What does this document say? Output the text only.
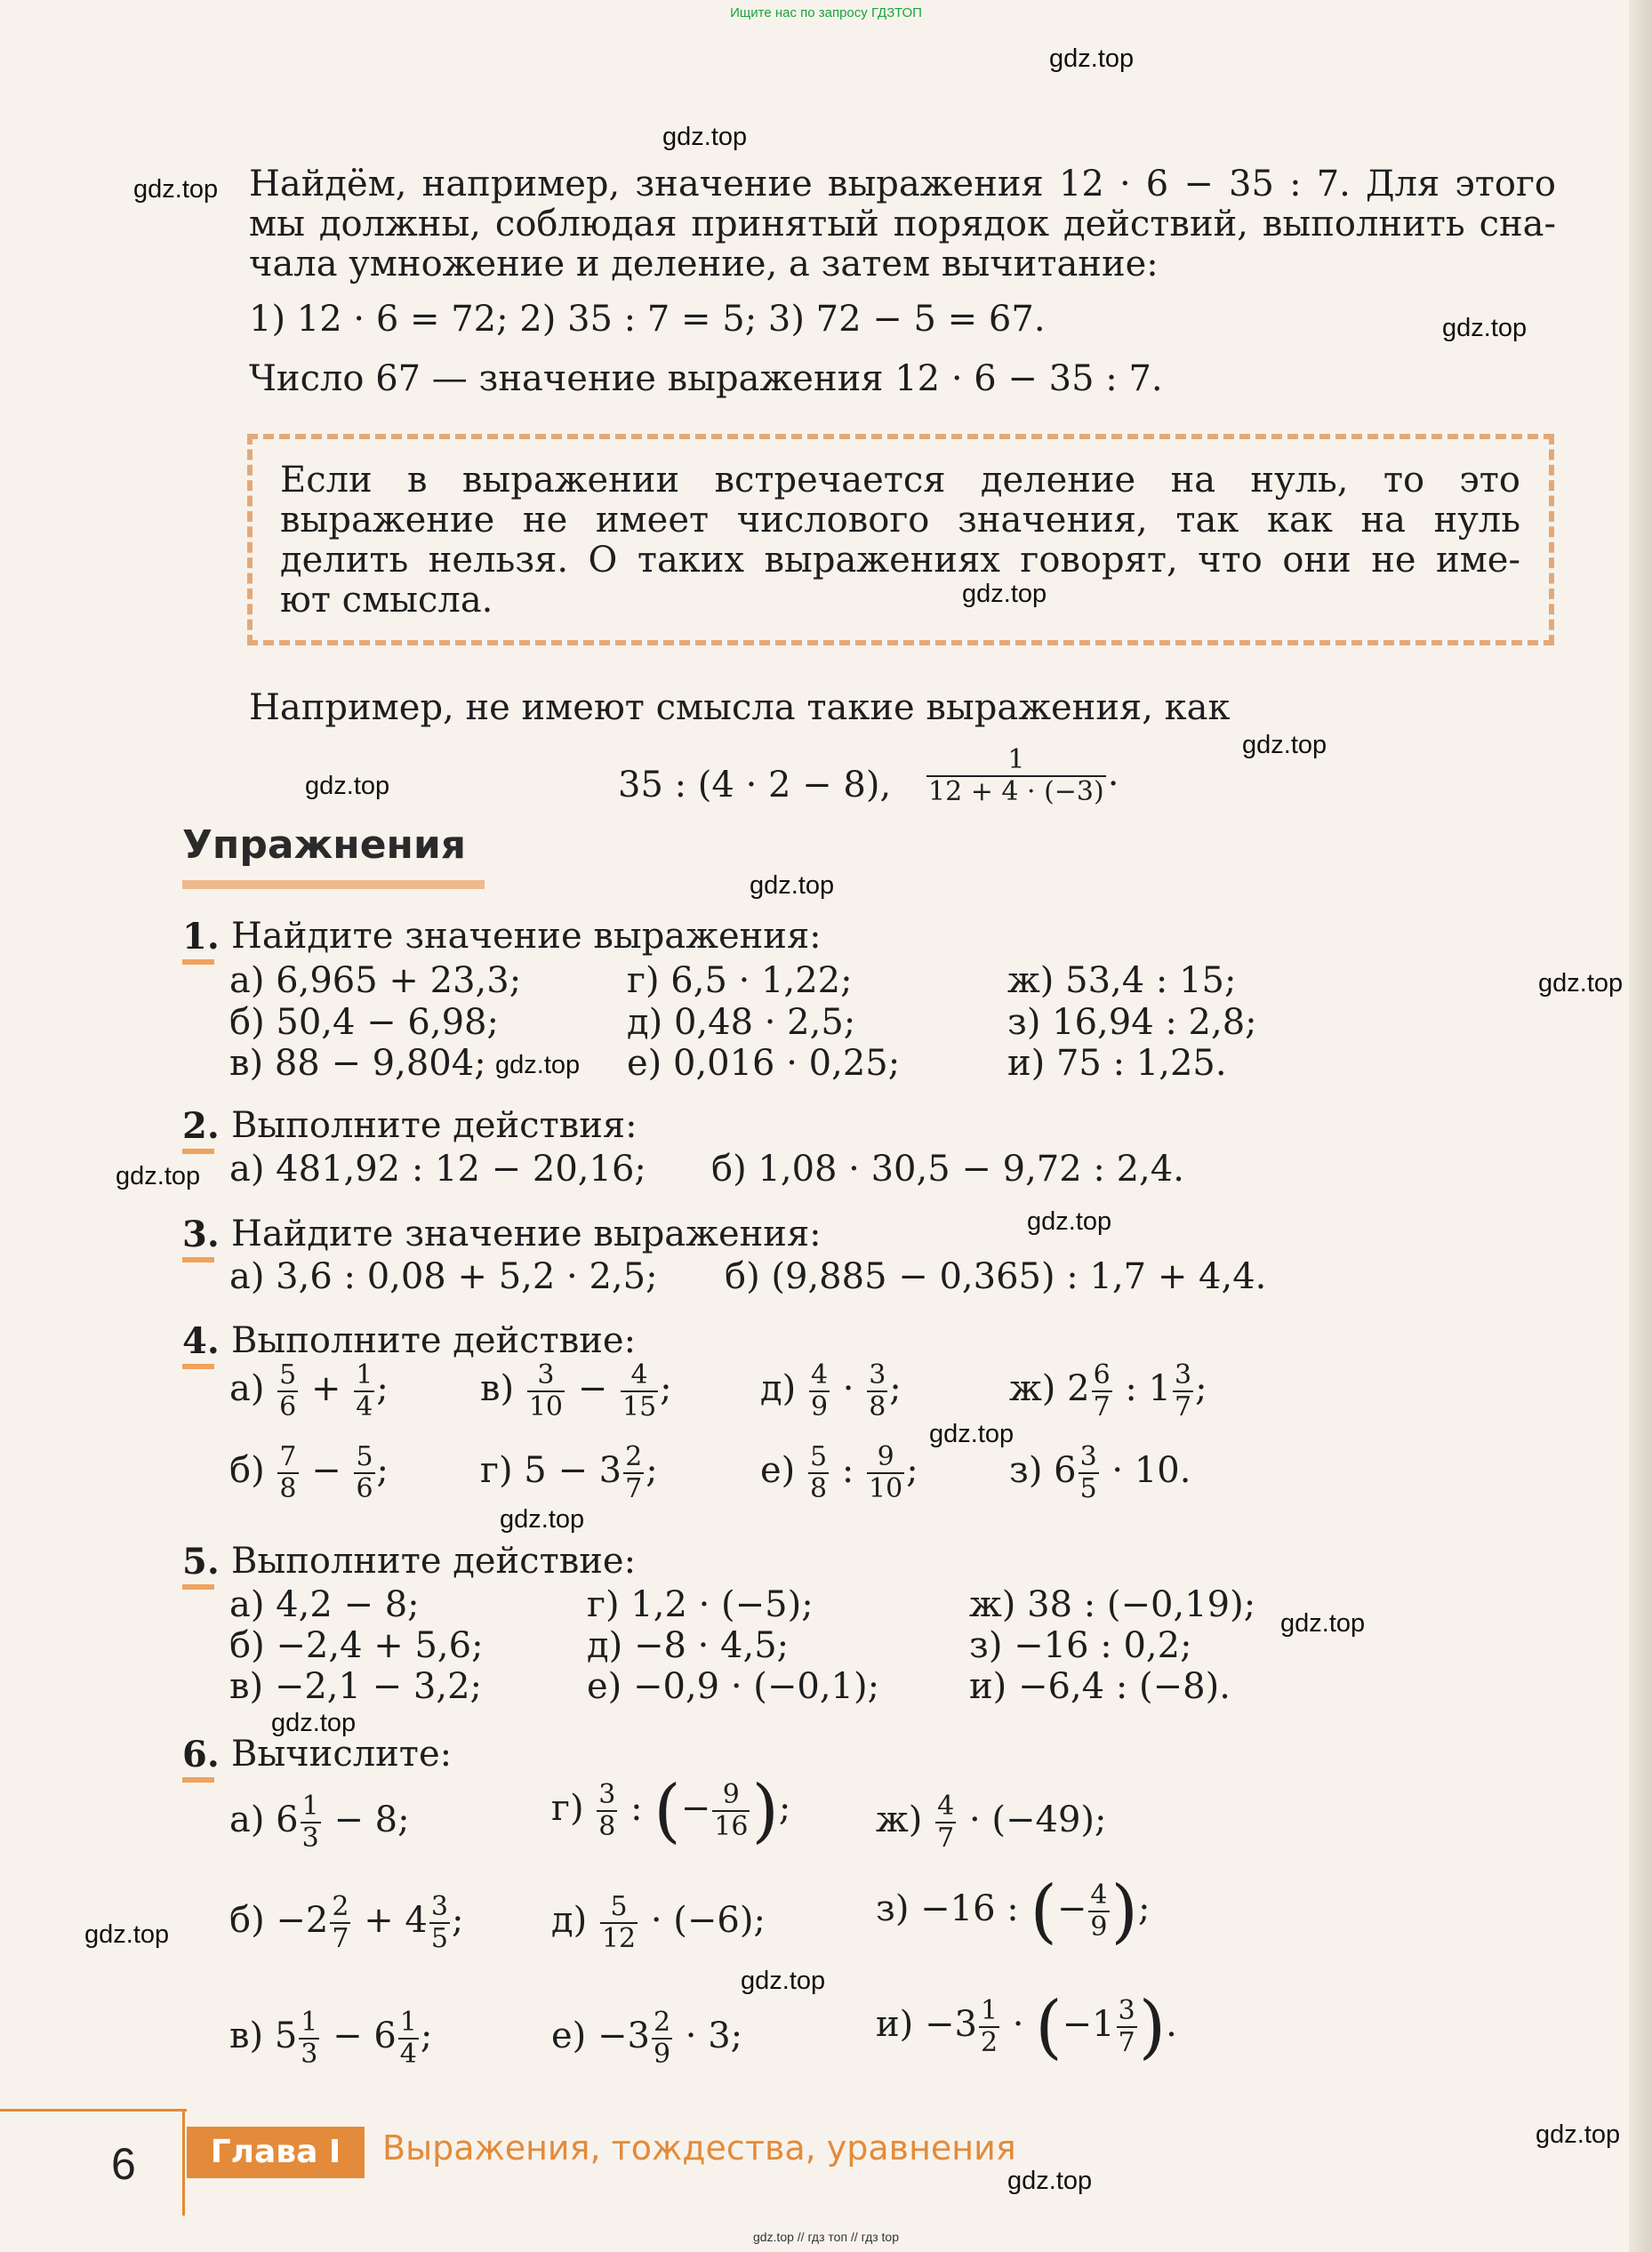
Ищите нас по запросу ГДЗТОП
gdz.top
gdz.top
gdz.top
gdz.top
gdz.top
gdz.top
gdz.top
gdz.top
gdz.top
gdz.top
gdz.top
gdz.top
gdz.top
gdz.top
gdz.top
gdz.top
gdz.top
gdz.top
gdz.top
gdz.top
Найдём, например, значение выражения 12 · 6 − 35 : 7. Для этого
мы должны, соблюдая принятый порядок действий, выполнить сна-
чала умножение и деление, а затем вычитание:
1) 12 · 6 = 72; 2) 35 : 7 = 5; 3) 72 − 5 = 67.
Число 67 — значение выражения 12 · 6 − 35 : 7.
Если в выражении встречается деление на нуль, то это
выражение не имеет числового значения, так как на нуль
делить нельзя. О таких выражениях говорят, что они не име-
ют смысла.
Например, не имеют смысла такие выражения, как
35 : (4 · 2 − 8), $\frac{1}{12 + 4 \cdot (-3)}$ .
Упражнения
1. Найдите значение выражения:
а) 6,965 + 23,3;	г) 6,5 · 1,22;	ж) 53,4 : 15;
б) 50,4 − 6,98;	д) 0,48 · 2,5;	з) 16,94 : 2,8;
в) 88 − 9,804;	е) 0,016 · 0,25;	и) 75 : 1,25.
2. Выполните действия:
а) 481,92 : 12 − 20,16; б) 1,08 · 30,5 − 9,72 : 2,4.
3. Найдите значение выражения:
а) 3,6 : 0,08 + 5,2 · 2,5; б) (9,885 − 0,365) : 1,7 + 4,4.
4. Выполните действие:
$а) \frac{5}{6} + \frac{1}{4}$ ;	$в) \frac{3}{10} - \frac{4}{15}$ ; $д) \frac{4}{9} \cdot \frac{3}{8}$ ;	ж) $2 \frac{6}{7}$ : $1 \frac{3}{7}$ ;
$б) \frac{7}{8} - \frac{5}{6}$ ;	г) $5 - 3 \frac{2}{7}$ ;	$е) \frac{5}{8}$ : $\frac{9}{10}$ ;	з) $6 \frac{3}{5} \cdot 10$.
5. Выполните действие:
а) 4,2 − 8;	г) 1,2 · (−5);	ж) 38 : (−0,19);
б) −2,4 + 5,6;	д) −8 · 4,5;	з) −16 : 0,2;
в) −2,1 − 3,2;	е) −0,9 · (−0,1);	и) −6,4 : (−8).
6. Вычислите:
а) $6 \frac{1}{3} - 8$;	$г) \frac{3}{8}$ : (− $\frac{9}{16}$ ); $ж) \frac{4}{7} \cdot (-49)$;
$б) -2 \frac{2}{7} + 4 \frac{3}{5}$ ; $д) \frac{5}{12} \cdot (-6)$;	з) −16 : (− $\frac{4}{9}$ );
в) $5 \frac{1}{3} - 6 \frac{1}{4}$ ;	$е) -3 \frac{2}{9} \cdot 3$;	$и) -3 \frac{1}{2} \cdot (-1 \frac{3}{7}$ ).
6	Глава I	Выражения, тождества, уравнения
gdz.top // гдз топ // гдз top
